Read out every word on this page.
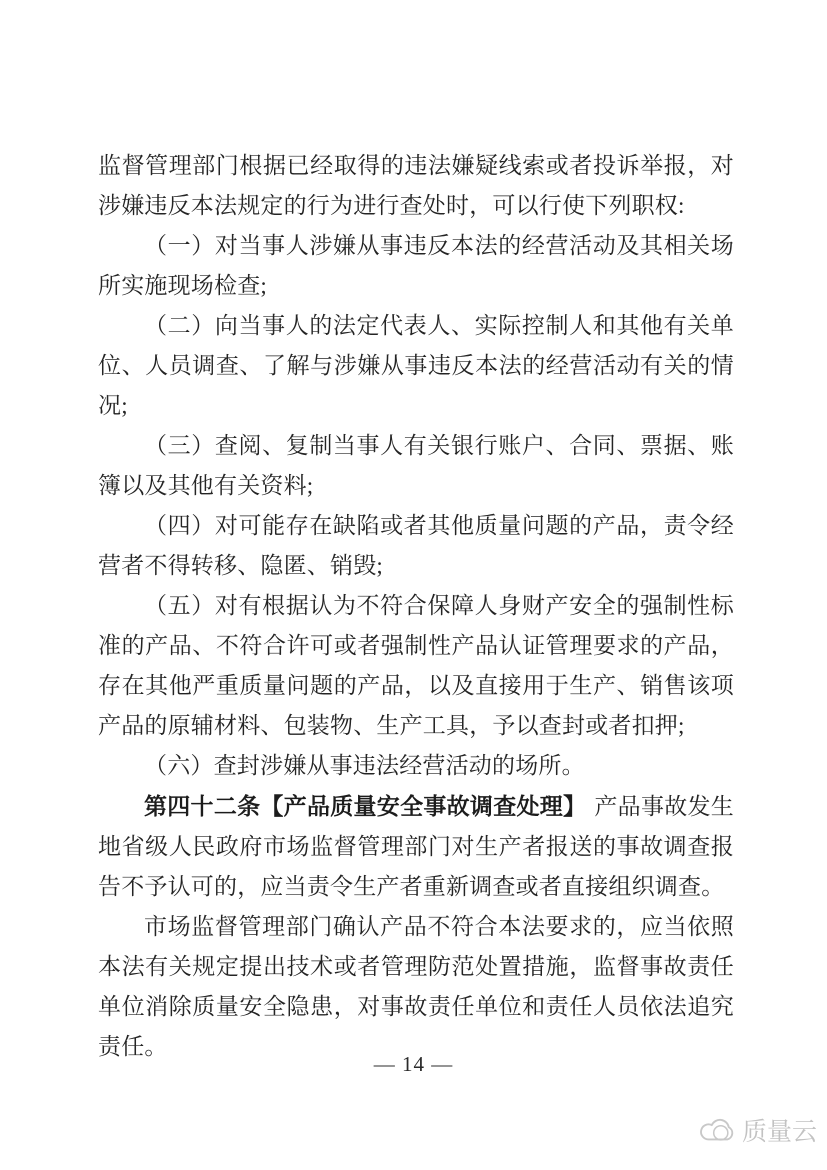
监督管理部门根据已经取得的违法嫌疑线索或者投诉举报，对涉嫌违反本法规定的行为进行查处时，可以行使下列职权:

（一）对当事人涉嫌从事违反本法的经营活动及其相关场所实施现场检查;

（二）向当事人的法定代表人、实际控制人和其他有关单位、人员调查、了解与涉嫌从事违反本法的经营活动有关的情况;

（三）查阅、复制当事人有关银行账户、合同、票据、账簿以及其他有关资料;

（四）对可能存在缺陷或者其他质量问题的产品，责令经营者不得转移、隐匿、销毁;

（五）对有根据认为不符合保障人身财产安全的强制性标准的产品、不符合许可或者强制性产品认证管理要求的产品，存在其他严重质量问题的产品，以及直接用于生产、销售该项产品的原辅材料、包装物、生产工具，予以查封或者扣押;

（六）查封涉嫌从事违法经营活动的场所。

第四十二条【产品质量安全事故调查处理】 产品事故发生地省级人民政府市场监督管理部门对生产者报送的事故调查报告不予认可的，应当责令生产者重新调查或者直接组织调查。

市场监督管理部门确认产品不符合本法要求的，应当依照本法有关规定提出技术或者管理防范处置措施，监督事故责任单位消除质量安全隐患，对事故责任单位和责任人员依法追究责任。

— 14 —
质量云
